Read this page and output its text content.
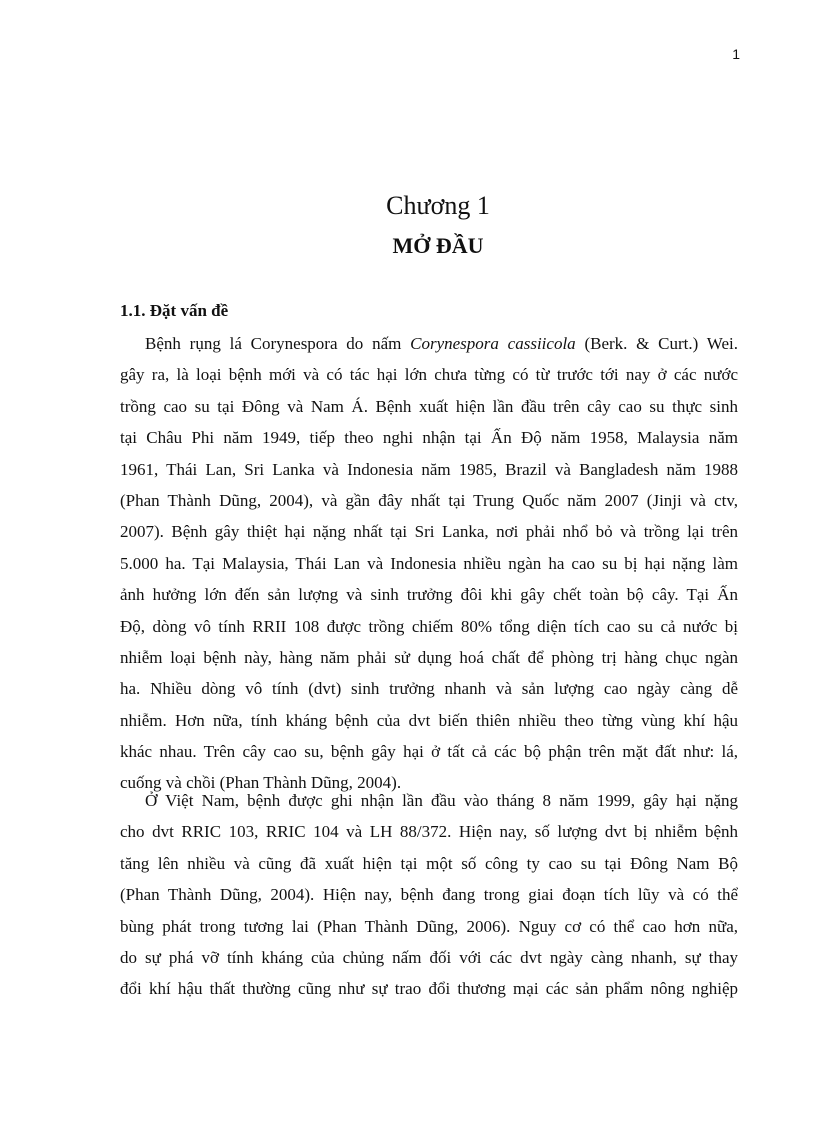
1
Chương 1
MỞ ĐẦU
1.1. Đặt vấn đề
Bệnh rụng lá Corynespora do nấm Corynespora cassiicola (Berk. & Curt.) Wei.
gây ra, là loại bệnh mới và có tác hại lớn chưa từng có từ trước tới nay ở các nước
trồng cao su tại Đông và Nam Á. Bệnh xuất hiện lần đầu trên cây cao su thực sinh
tại Châu Phi năm 1949, tiếp theo nghi nhận tại Ấn Độ năm 1958, Malaysia năm
1961, Thái Lan, Sri Lanka và Indonesia năm 1985, Brazil và Bangladesh năm 1988
(Phan Thành Dũng, 2004), và gần đây nhất tại Trung Quốc năm 2007 (Jinji và ctv,
2007). Bệnh gây thiệt hại nặng nhất tại Sri Lanka, nơi phải nhổ bỏ và trồng lại trên
5.000 ha. Tại Malaysia, Thái Lan và Indonesia nhiều ngàn ha cao su bị hại nặng làm
ảnh hưởng lớn đến sản lượng và sinh trưởng đôi khi gây chết toàn bộ cây. Tại Ấn
Độ, dòng vô tính RRII 108 được trồng chiếm 80% tổng diện tích cao su cả nước bị
nhiễm loại bệnh này, hàng năm phải sử dụng hoá chất để phòng trị hàng chục ngàn
ha. Nhiều dòng vô tính (dvt) sinh trưởng nhanh và sản lượng cao ngày càng dễ
nhiễm. Hơn nữa, tính kháng bệnh của dvt biến thiên nhiều theo từng vùng khí hậu
khác nhau. Trên cây cao su, bệnh gây hại ở tất cả các bộ phận trên mặt đất như: lá,
cuống và chồi (Phan Thành Dũng, 2004).
Ở Việt Nam, bệnh được ghi nhận lần đầu vào tháng 8 năm 1999, gây hại nặng
cho dvt RRIC 103, RRIC 104 và LH 88/372. Hiện nay, số lượng dvt bị nhiễm bệnh
tăng lên nhiều và cũng đã xuất hiện tại một số công ty cao su tại Đông Nam Bộ
(Phan Thành Dũng, 2004). Hiện nay, bệnh đang trong giai đoạn tích lũy và có thể
bùng phát trong tương lai (Phan Thành Dũng, 2006). Nguy cơ có thể cao hơn nữa,
do sự phá vỡ tính kháng của chủng nấm đối với các dvt ngày càng nhanh, sự thay
đổi khí hậu thất thường cũng như sự trao đổi thương mại các sản phẩm nông nghiệp
